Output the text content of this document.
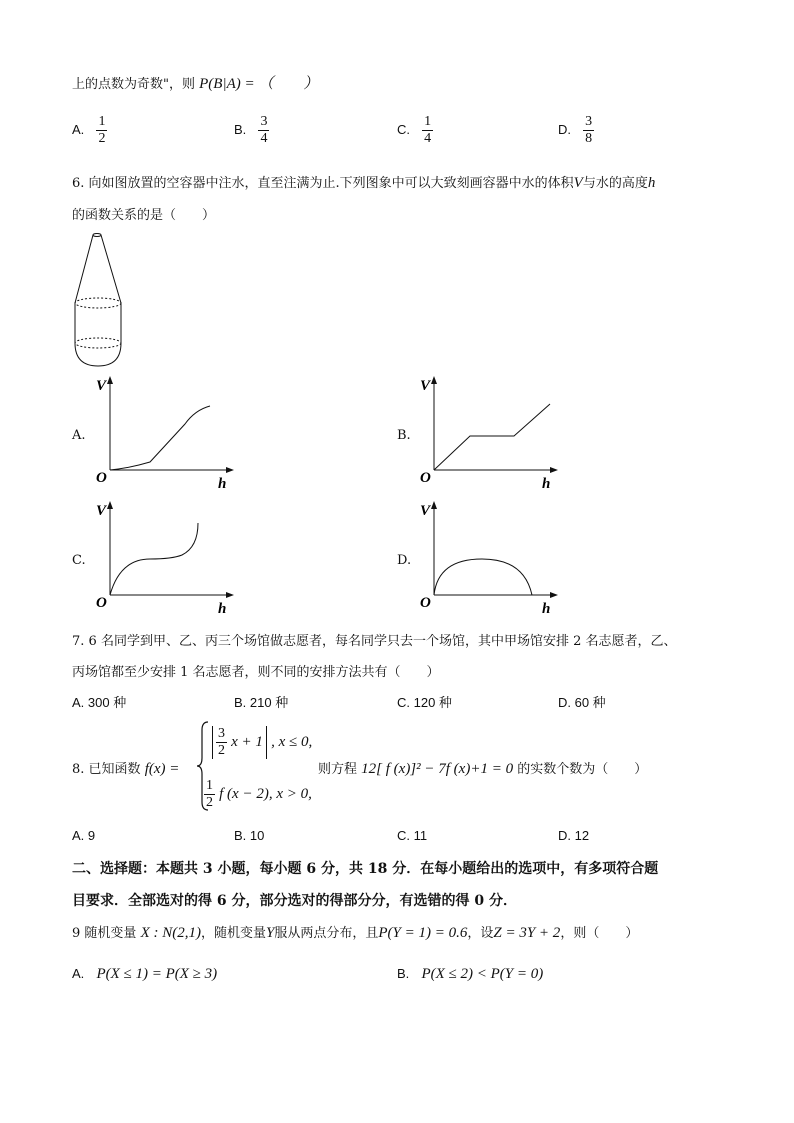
上的点数为奇数"，则 P(B|A) = （　　）
A. $\frac{1}{2}$	B. $\frac{3}{4}$	C. $\frac{1}{4}$	D. $\frac{3}{8}$
6. 向如图放置的空容器中注水，直至注满为止.下列图象中可以大致刻画容器中水的体积V与水的高度h
的函数关系的是（　　）
A.
V
O	h
B.
V
O	h
C.
V
O	h
D.
V
O	h
7. 6 名同学到甲、乙、丙三个场馆做志愿者，每名同学只去一个场馆，其中甲场馆安排 2 名志愿者，乙、
丙场馆都至少安排 1 名志愿者，则不同的安排方法共有（　　）
A. 300 种	B. 210 种	C. 120 种	D. 60 种
8. 已知函数 f(x) =
$\frac{3}{2}$ x + 1 , x ≤ 0,
$\frac{1}{2}$ f (x − 2), x > 0,
则方程 12[ f (x)]² − 7f (x)+1 = 0 的实数个数为（　　）
A. 9	B. 10	C. 11	D. 12
二、选择题：本题共 3 小题，每小题 6 分，共 18 分．在每小题给出的选项中，有多项符合题
目要求．全部选对的得 6 分，部分选对的得部分分，有选错的得 0 分．
9 随机变量 X : N(2,1)，随机变量Y服从两点分布，且P(Y = 1) = 0.6，设Z = 3Y + 2，则（　　）
A. P(X ≤ 1) = P(X ≥ 3)	B. P(X ≤ 2) < P(Y = 0)
